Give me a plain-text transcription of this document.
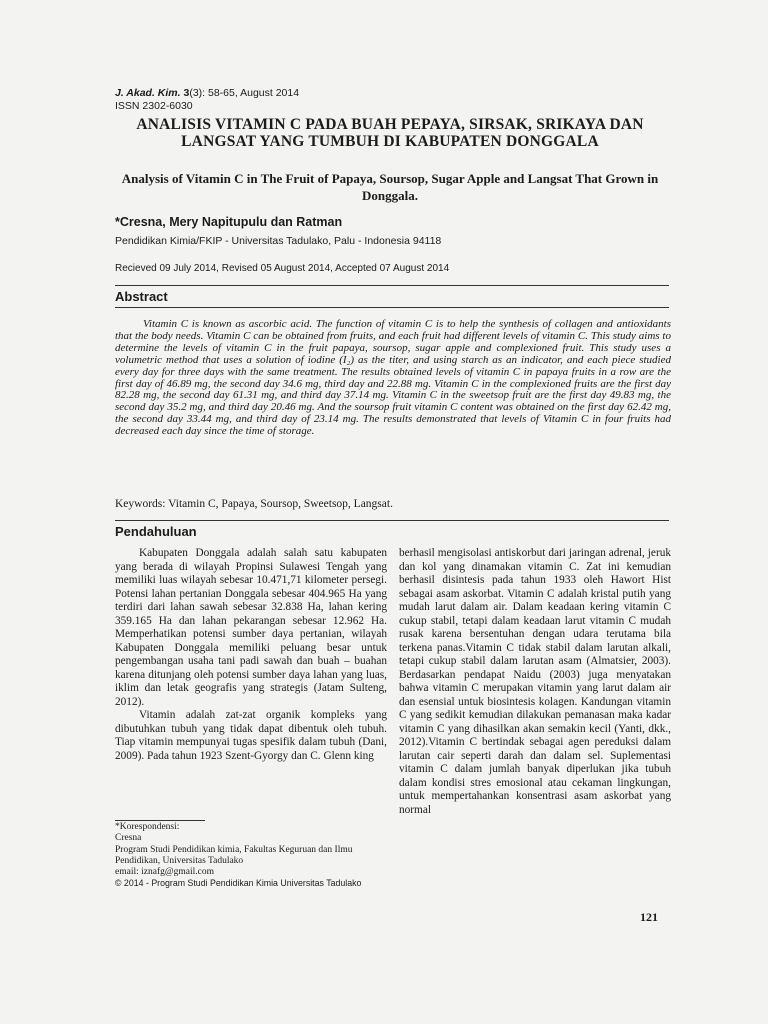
J. Akad. Kim. 3(3): 58-65, August 2014
ISSN 2302-6030
ANALISIS VITAMIN C PADA BUAH PEPAYA, SIRSAK, SRIKAYA DAN LANGSAT YANG TUMBUH DI KABUPATEN DONGGALA
Analysis of Vitamin C in The Fruit of Papaya, Soursop, Sugar Apple and Langsat That Grown in Donggala.
*Cresna, Mery Napitupulu dan Ratman
Pendidikan Kimia/FKIP - Universitas Tadulako, Palu - Indonesia 94118
Recieved 09 July 2014, Revised 05 August 2014, Accepted 07 August 2014
Abstract

Vitamin C is known as ascorbic acid. The function of vitamin C is to help the synthesis of collagen and antioxidants that the body needs. Vitamin C can be obtained from fruits, and each fruit had different levels of vitamin C. This study aims to determine the levels of vitamin C in the fruit papaya, soursop, sugar apple and complexioned fruit. This study uses a volumetric method that uses a solution of iodine (I₂) as the titer, and using starch as an indicator, and each piece studied every day for three days with the same treatment. The results obtained levels of vitamin C in papaya fruits in a row are the first day of 46.89 mg, the second day 34.6 mg, third day and 22.88 mg. Vitamin C in the complexioned fruits are the first day 82.28 mg, the second day 61.31 mg, and third day 37.14 mg. Vitamin C in the sweetsop fruit are the first day 49.83 mg, the second day 35.2 mg, and third day 20.46 mg. And the soursop fruit vitamin C content was obtained on the first day 62.42 mg, the second day 33.44 mg, and third day of 23.14 mg. The results demonstrated that levels of Vitamin C in four fruits had decreased each day since the time of storage.

Keywords: Vitamin C, Papaya, Soursop, Sweetsop, Langsat.
Pendahuluan

Kabupaten Donggala adalah salah satu kabupaten yang berada di wilayah Propinsi Sulawesi Tengah yang memiliki luas wilayah sebesar 10.471,71 kilometer persegi. Potensi lahan pertanian Donggala sebesar 404.965 Ha yang terdiri dari lahan sawah sebesar 32.838 Ha, lahan kering 359.165 Ha dan lahan pekarangan sebesar 12.962 Ha. Memperhatikan potensi sumber daya pertanian, wilayah Kabupaten Donggala memiliki peluang besar untuk pengembangan usaha tani padi sawah dan buah – buahan karena ditunjang oleh potensi sumber daya lahan yang luas, iklim dan letak geografis yang strategis (Jatam Sulteng, 2012).

Vitamin adalah zat-zat organik kompleks yang dibutuhkan tubuh yang tidak dapat dibentuk oleh tubuh. Tiap vitamin mempunyai tugas spesifik dalam tubuh (Dani, 2009). Pada tahun 1923 Szent-Gyorgy dan C. Glenn king

berhasil mengisolasi antiskorbut dari jaringan adrenal, jeruk dan kol yang dinamakan vitamin C. Zat ini kemudian berhasil disintesis pada tahun 1933 oleh Hawort Hist sebagai asam askorbat. Vitamin C adalah kristal putih yang mudah larut dalam air. Dalam keadaan kering vitamin C cukup stabil, tetapi dalam keadaan larut vitamin C mudah rusak karena bersentuhan dengan udara terutama bila terkena panas.Vitamin C tidak stabil dalam larutan alkali, tetapi cukup stabil dalam larutan asam (Almatsier, 2003). Berdasarkan pendapat Naidu (2003) juga menyatakan bahwa vitamin C merupakan vitamin yang larut dalam air dan esensial untuk biosintesis kolagen. Kandungan vitamin C yang sedikit kemudian dilakukan pemanasan maka kadar vitamin C yang dihasilkan akan semakin kecil (Yanti, dkk., 2012).Vitamin C bertindak sebagai agen pereduksi dalam larutan cair seperti darah dan dalam sel. Suplementasi vitamin C dalam jumlah banyak diperlukan jika tubuh dalam kondisi stres emosional atau cekaman lingkungan, untuk mempertahankan konsentrasi asam askorbat yang normal

*Korespondensi:
Cresna
Program Studi Pendidikan kimia, Fakultas Keguruan dan Ilmu Pendidikan, Universitas Tadulako
email: iznafg@gmail.com
© 2014 - Program Studi Pendidikan Kimia Universitas Tadulako
121
